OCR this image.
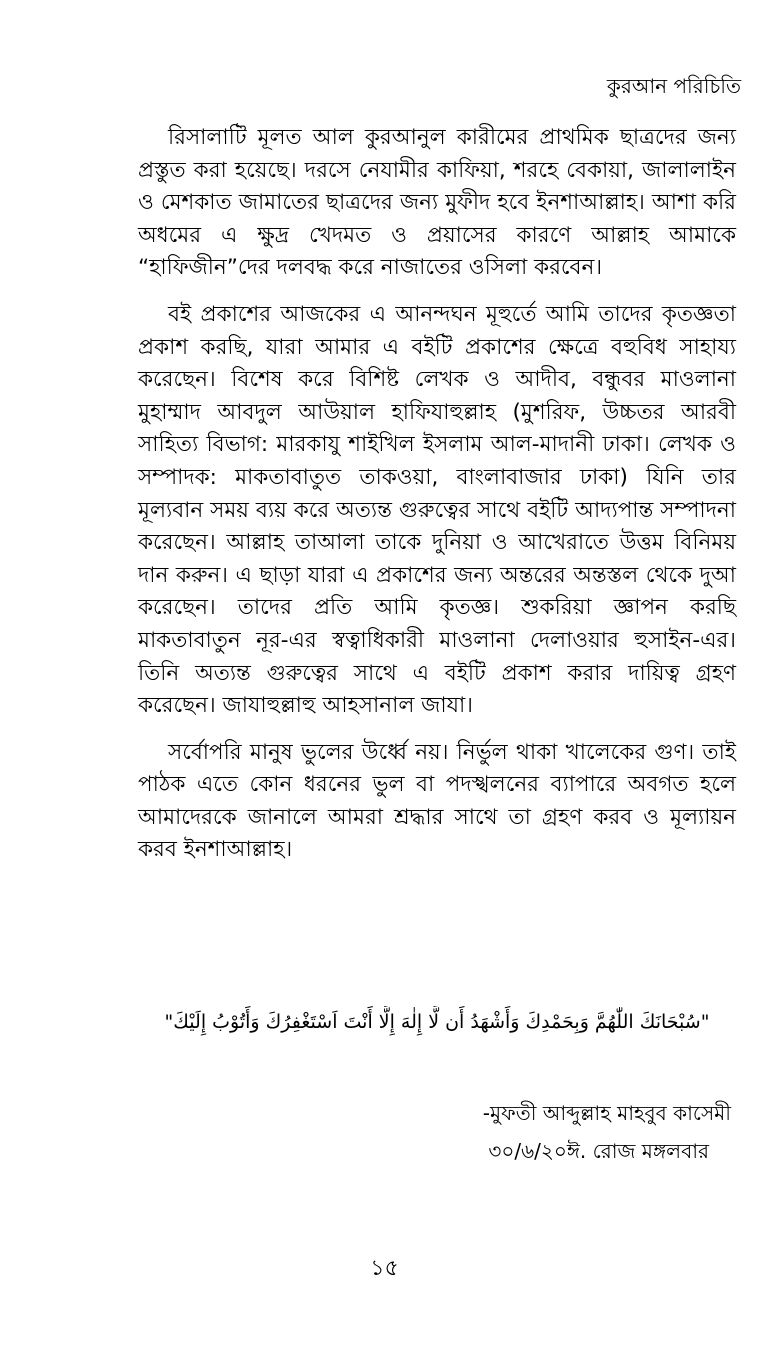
কুরআন পরিচিতি

রিসালাটি মূলত আল কুরআনুল কারীমের প্রাথমিক ছাত্রদের জন্য প্রস্তুত করা হয়েছে। দরসে নেযামীর কাফিয়া, শরহে বেকায়া, জালালাইন ও মেশকাত জামাতের ছাত্রদের জন্য মুফীদ হবে ইনশাআল্লাহ। আশা করি অধমের এ ক্ষুদ্র খেদমত ও প্রয়াসের কারণে আল্লাহ আমাকে “হাফিজীন”দের দলবদ্ধ করে নাজাতের ওসিলা করবেন।

বই প্রকাশের আজকের এ আনন্দঘন মূহুর্তে আমি তাদের কৃতজ্ঞতা প্রকাশ করছি, যারা আমার এ বইটি প্রকাশের ক্ষেত্রে বহুবিধ সাহায্য করেছেন। বিশেষ করে বিশিষ্ট লেখক ও আদীব, বন্ধুবর মাওলানা মুহাম্মাদ আবদুল আউয়াল হাফিযাহুল্লাহ (মুশরিফ, উচ্চতর আরবী সাহিত্য বিভাগ: মারকাযু শাইখিল ইসলাম আল-মাদানী ঢাকা। লেখক ও সম্পাদক: মাকতাবাতুত তাকওয়া, বাংলাবাজার ঢাকা) যিনি তার মূল্যবান সময় ব্যয় করে অত্যন্ত গুরুত্বের সাথে বইটি আদ্যপান্ত সম্পাদনা করেছেন। আল্লাহ তাআলা তাকে দুনিয়া ও আখেরাতে উত্তম বিনিময় দান করুন। এ ছাড়া যারা এ প্রকাশের জন্য অন্তরের অন্তস্তল থেকে দুআ করেছেন। তাদের প্রতি আমি কৃতজ্ঞ। শুকরিয়া জ্ঞাপন করছি মাকতাবাতুন নূর-এর স্বত্বাধিকারী মাওলানা দেলাওয়ার হুসাইন-এর। তিনি অত্যন্ত গুরুত্বের সাথে এ বইটি প্রকাশ করার দায়িত্ব গ্রহণ করেছেন। জাযাহুল্লাহু আহসানাল জাযা।

সর্বোপরি মানুষ ভুলের উর্ধ্বে নয়। নির্ভুল থাকা খালেকের গুণ। তাই পাঠক এতে কোন ধরনের ভুল বা পদস্খলনের ব্যাপারে অবগত হলে আমাদেরকে জানালে আমরা শ্রদ্ধার সাথে তা গ্রহণ করব ও মূল্যায়ন করব ইনশাআল্লাহ।

"سُبْحَانَكَ اللّٰهُمَّ وَبِحَمْدِكَ وَأَشْهَدُ أَن لَّا إِلٰهَ إِلَّا أَنْتَ اَسْتَغْفِرُكَ وَأَتُوْبُ إِلَيْكَ"
-মুফতী আব্দুল্লাহ মাহবুব কাসেমী
৩০/৬/২০ঈ. রোজ মঙ্গলবার
১৫
